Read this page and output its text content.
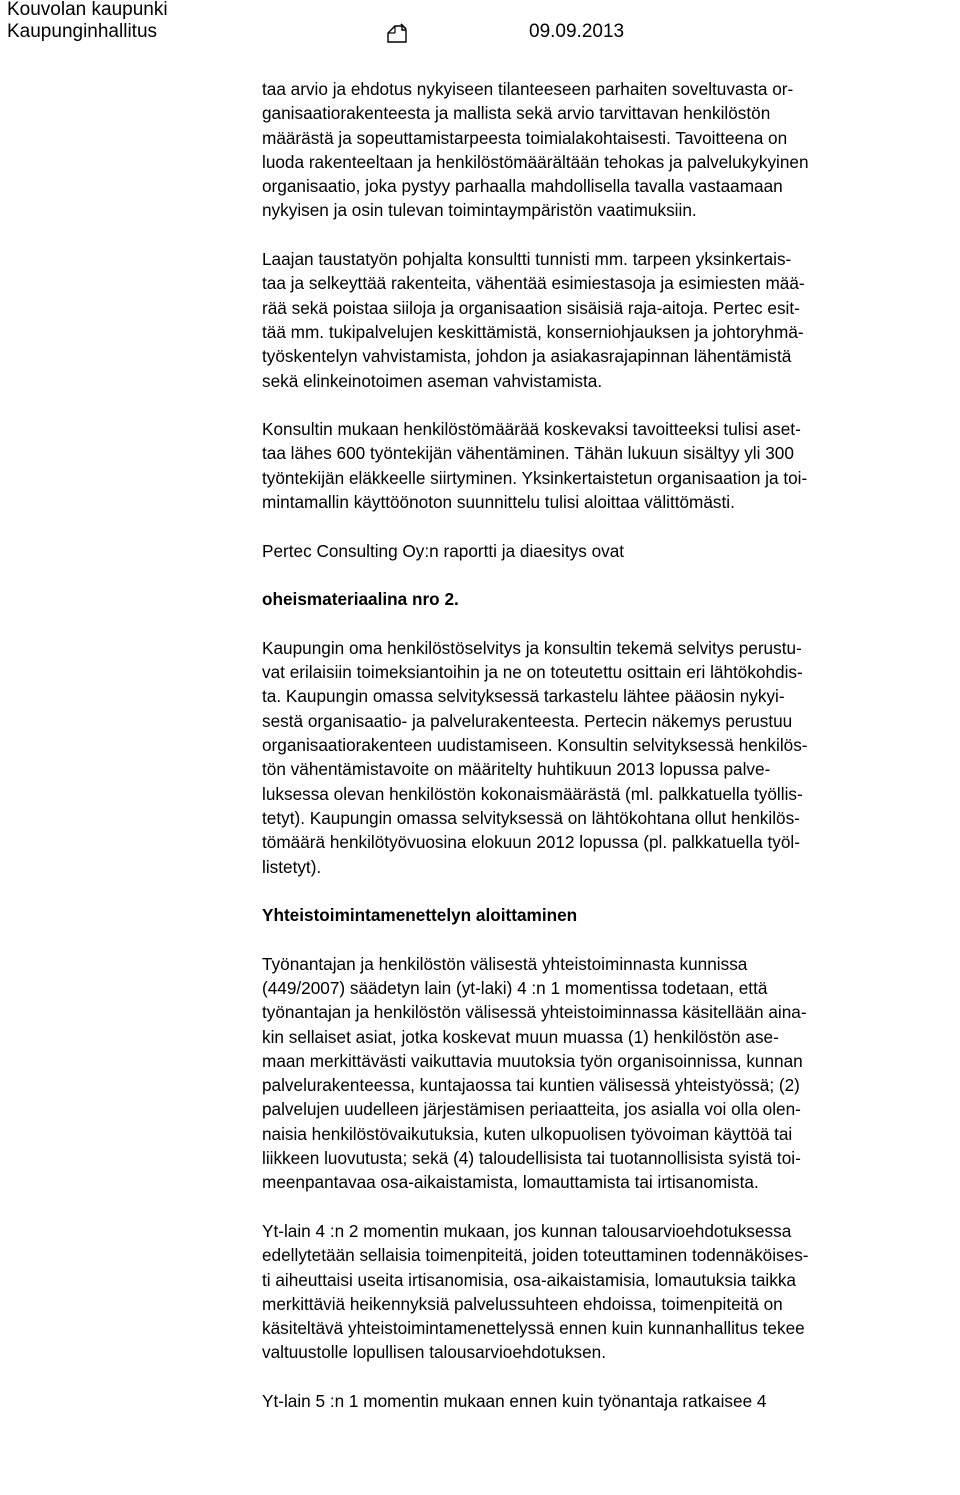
Kouvolan kaupunki
Kaupunginhallitus	09.09.2013

taa arvio ja ehdotus nykyiseen tilanteeseen parhaiten soveltuvasta or-
ganisaatiorakenteesta ja mallista sekä arvio tarvittavan henkilöstön
määrästä ja sopeuttamistarpeesta toimialakohtaisesti. Tavoitteena on
luoda rakenteeltaan ja henkilöstömäärältään tehokas ja palvelukykyinen
organisaatio, joka pystyy parhaalla mahdollisella tavalla vastaamaan
nykyisen ja osin tulevan toimintaympäristön vaatimuksiin.

Laajan taustatyön pohjalta konsultti tunnisti mm. tarpeen yksinkertais-
taa ja selkeyttää rakenteita, vähentää esimiestasoja ja esimiesten mää-
rää sekä poistaa siiloja ja organisaation sisäisiä raja-aitoja. Pertec esit-
tää mm. tukipalvelujen keskittämistä, konserniohjauksen ja johtoryhmä-
työskentelyn vahvistamista, johdon ja asiakasrajapinnan lähentämistä
sekä elinkeinotoimen aseman vahvistamista.

Konsultin mukaan henkilöstömäärää koskevaksi tavoitteeksi tulisi aset-
taa lähes 600 työntekijän vähentäminen. Tähän lukuun sisältyy yli 300
työntekijän eläkkeelle siirtyminen. Yksinkertaistetun organisaation ja toi-
mintamallin käyttöönoton suunnittelu tulisi aloittaa välittömästi.

Pertec Consulting Oy:n raportti ja diaesitys ovat

oheismateriaalina nro 2.

Kaupungin oma henkilöstöselvitys ja konsultin tekemä selvitys perustu-
vat erilaisiin toimeksiantoihin ja ne on toteutettu osittain eri lähtökohdis-
ta. Kaupungin omassa selvityksessä tarkastelu lähtee pääosin nykyi-
sestä organisaatio- ja palvelurakenteesta. Pertecin näkemys perustuu
organisaatiorakenteen uudistamiseen. Konsultin selvityksessä henkilös-
tön vähentämistavoite on määritelty huhtikuun 2013 lopussa palve-
luksessa olevan henkilöstön kokonaismäärästä (ml. palkkatuella työllis-
tetyt). Kaupungin omassa selvityksessä on lähtökohtana ollut henkilös-
tömäärä henkilötyövuosina elokuun 2012 lopussa (pl. palkkatuella työl-
listetyt).

Yhteistoimintamenettelyn aloittaminen

Työnantajan ja henkilöstön välisestä yhteistoiminnasta kunnissa
(449/2007) säädetyn lain (yt-laki) 4 :n 1 momentissa todetaan, että
työnantajan ja henkilöstön välisessä yhteistoiminnassa käsitellään aina-
kin sellaiset asiat, jotka koskevat muun muassa (1) henkilöstön ase-
maan merkittävästi vaikuttavia muutoksia työn organisoinnissa, kunnan
palvelurakenteessa, kuntajaossa tai kuntien välisessä yhteistyössä; (2)
palvelujen uudelleen järjestämisen periaatteita, jos asialla voi olla olen-
naisia henkilöstövaikutuksia, kuten ulkopuolisen työvoiman käyttöä tai
liikkeen luovutusta; sekä (4) taloudellisista tai tuotannollisista syistä toi-
meenpantavaa osa-aikaistamista, lomauttamista tai irtisanomista.

Yt-lain 4 :n 2 momentin mukaan, jos kunnan talousarvioehdotuksessa
edellytetään sellaisia toimenpiteitä, joiden toteuttaminen todennäköises-
ti aiheuttaisi useita irtisanomisia, osa-aikaistamisia, lomautuksia taikka
merkittäviä heikennyksiä palvelussuhteen ehdoissa, toimenpiteitä on
käsiteltävä yhteistoimintamenettelyssä ennen kuin kunnanhallitus tekee
valtuustolle lopullisen talousarvioehdotuksen.

Yt-lain 5 :n 1 momentin mukaan ennen kuin työnantaja ratkaisee 4
